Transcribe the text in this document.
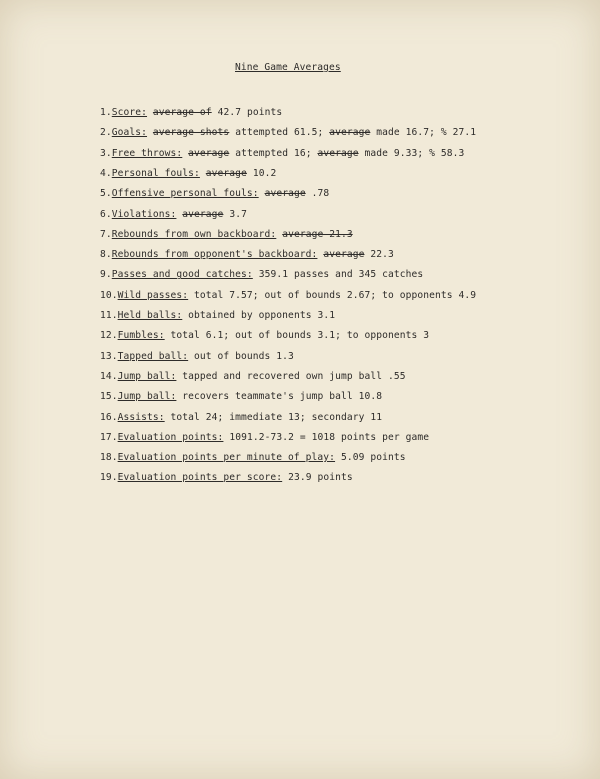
Nine Game Averages
1.Score: average of 42.7 points
2.Goals: average shots attempted 61.5; average made 16.7; % 27.1
3.Free throws: average attempted 16; average made 9.33; % 58.3
4.Personal fouls: average 10.2
5.Offensive personal fouls: average .78
6.Violations: average 3.7
7.Rebounds from own backboard: average 21.3
8.Rebounds from opponent's backboard: average 22.3
9.Passes and good catches: 359.1 passes and 345 catches
10.Wild passes: total 7.57; out of bounds 2.67; to opponents 4.9
11.Held balls: obtained by opponents 3.1
12.Fumbles: total 6.1; out of bounds 3.1; to opponents 3
13.Tapped ball: out of bounds 1.3
14.Jump ball: tapped and recovered own jump ball .55
15.Jump ball: recovers teammate's jump ball 10.8
16.Assists: total 24; immediate 13; secondary 11
17.Evaluation points: 1091.2-73.2 = 1018 points per game
18.Evaluation points per minute of play: 5.09 points
19.Evaluation points per score: 23.9 points
